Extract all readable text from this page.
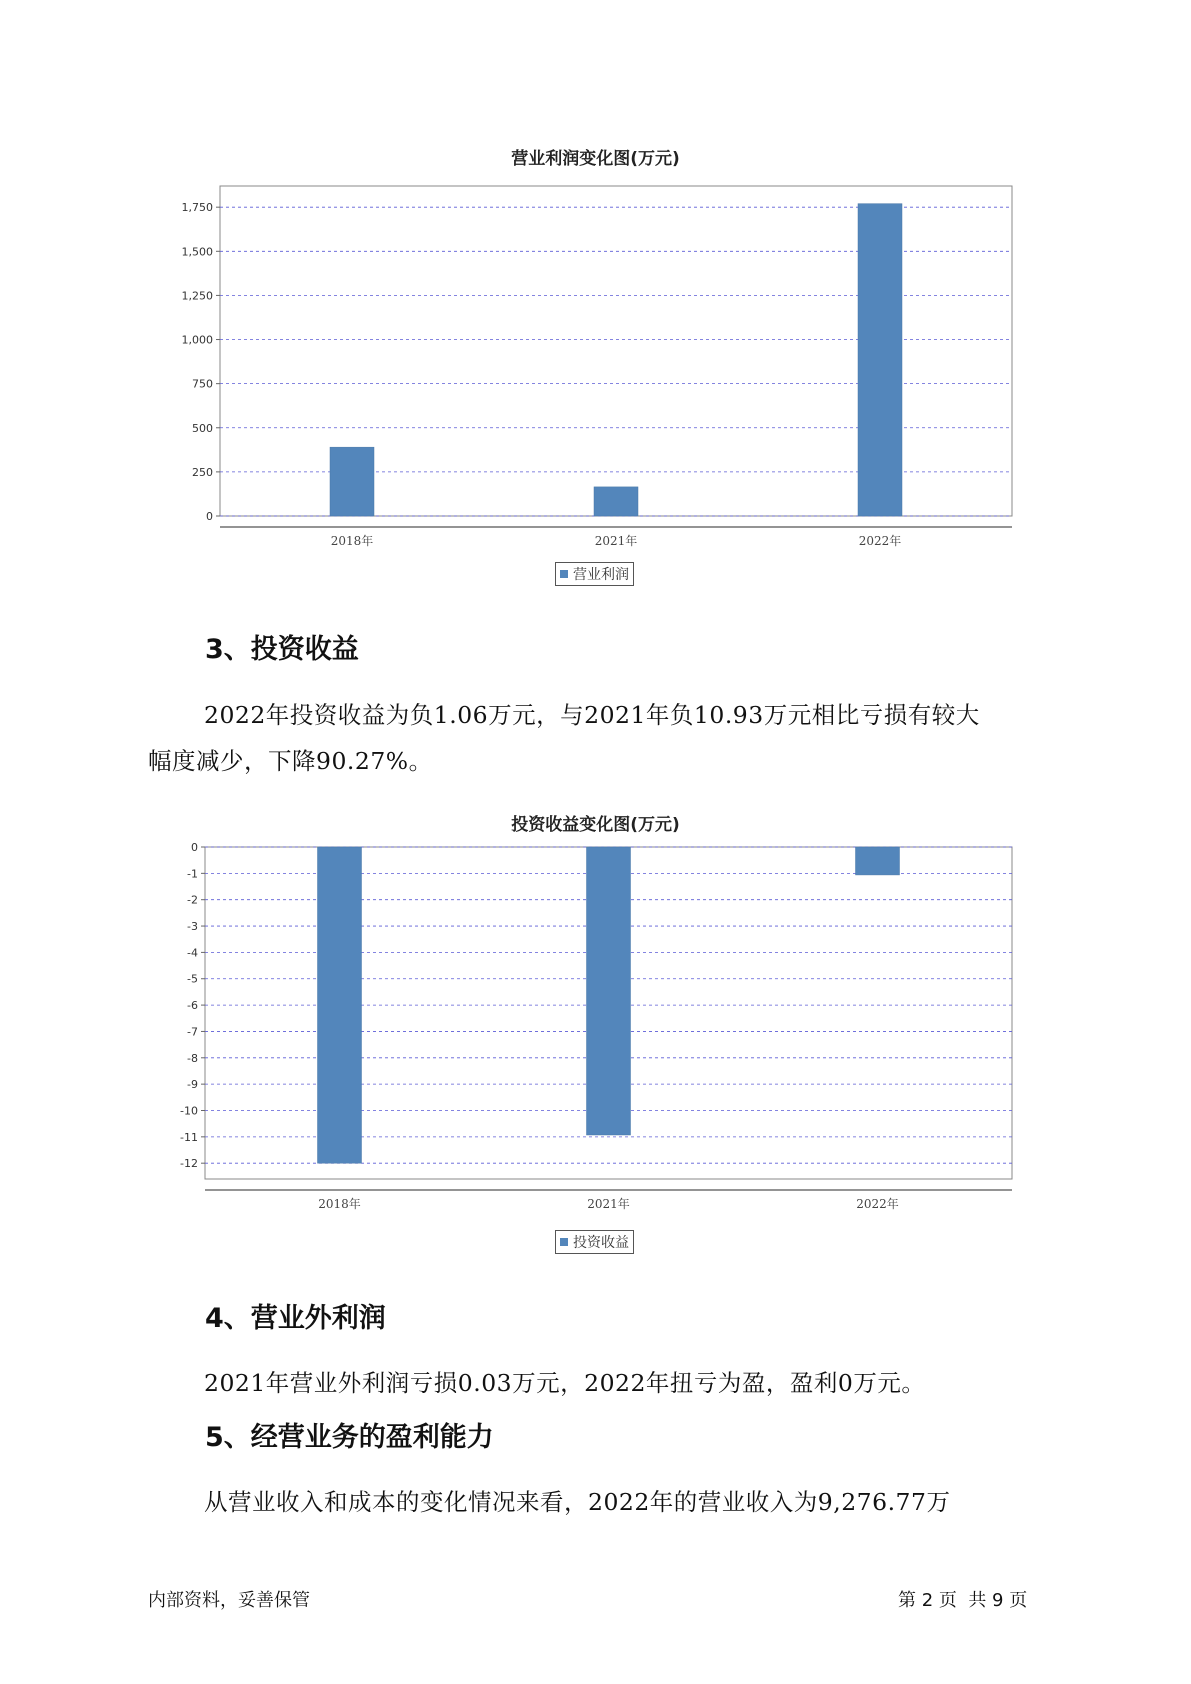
营业利润变化图(万元)
0
250
500
750
1,000
1,250
1,500
1,750
2018年	2021年	2022年
营业利润
3、投资收益

2022年投资收益为负1.06万元，与2021年负10.93万元相比亏损有较大

幅度减少，下降90.27%。

投资收益变化图(万元)
0
-1
-2
-3
-4
-5
-6
-7
-8
-9
-10
-11
-12
2018年	2021年	2022年
投资收益
4、营业外利润

2021年营业外利润亏损0.03万元，2022年扭亏为盈，盈利0万元。

5、经营业务的盈利能力

从营业收入和成本的变化情况来看，2022年的营业收入为9,276.77万

内部资料，妥善保管	第 2 页  共 9 页
